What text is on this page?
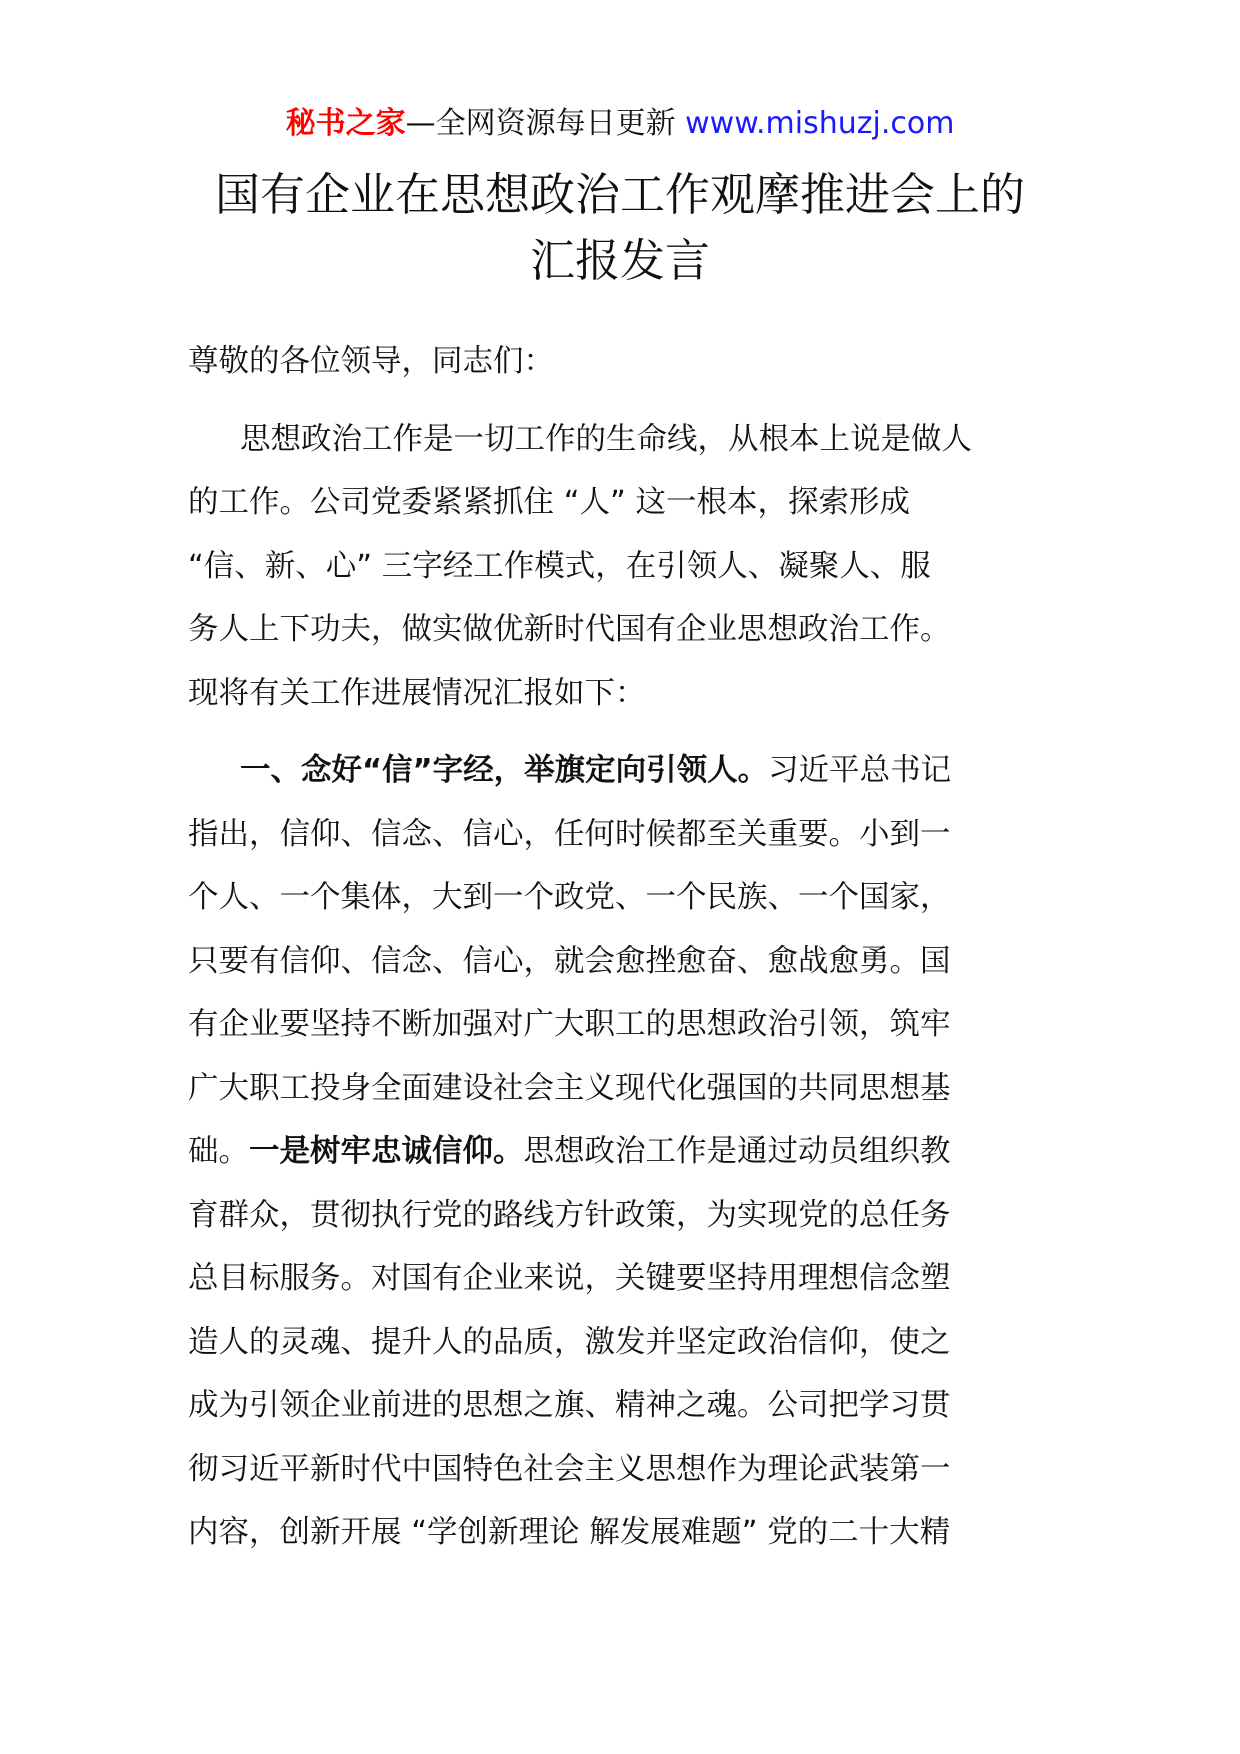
秘书之家—全网资源每日更新 www.mishuzj.com
国有企业在思想政治工作观摩推进会上的
汇报发言
尊敬的各位领导，同志们：
思想政治工作是一切工作的生命线，从根本上说是做人
的工作。公司党委紧紧抓住 “人” 这一根本，探索形成
“信、新、心” 三字经工作模式，在引领人、凝聚人、服
务人上下功夫，做实做优新时代国有企业思想政治工作。
现将有关工作进展情况汇报如下：
一、念好“信”字经，举旗定向引领人。习近平总书记
指出，信仰、信念、信心，任何时候都至关重要。小到一
个人、一个集体，大到一个政党、一个民族、一个国家，
只要有信仰、信念、信心，就会愈挫愈奋、愈战愈勇。国
有企业要坚持不断加强对广大职工的思想政治引领，筑牢
广大职工投身全面建设社会主义现代化强国的共同思想基
础。一是树牢忠诚信仰。思想政治工作是通过动员组织教
育群众，贯彻执行党的路线方针政策，为实现党的总任务
总目标服务。对国有企业来说，关键要坚持用理想信念塑
造人的灵魂、提升人的品质，激发并坚定政治信仰，使之
成为引领企业前进的思想之旗、精神之魂。公司把学习贯
彻习近平新时代中国特色社会主义思想作为理论武装第一
内容，创新开展 “学创新理论 解发展难题” 党的二十大精
